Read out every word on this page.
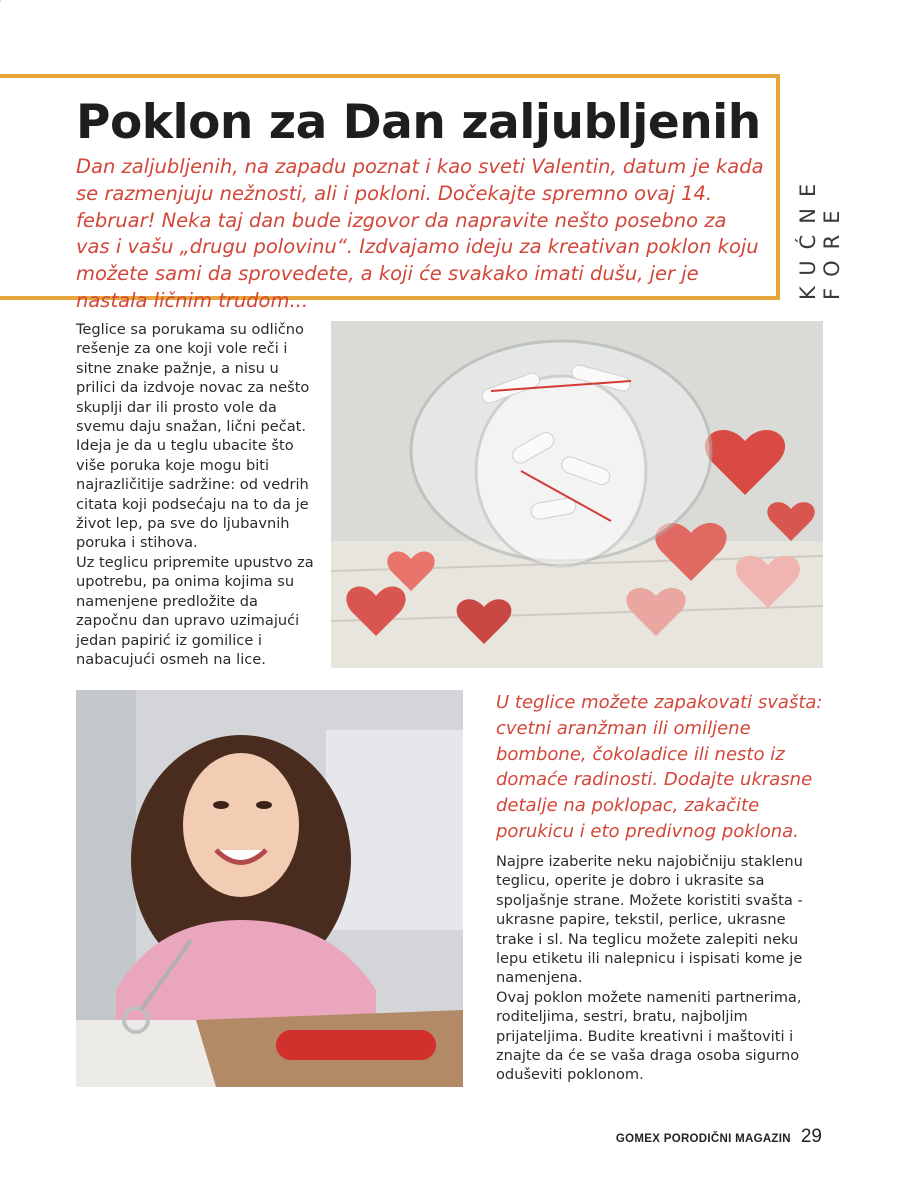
'
Poklon za Dan zaljubljenih

Dan zaljubljenih, na zapadu poznat i kao sveti Valentin, datum je kada se razmenjuju nežnosti, ali i pokloni. Dočekajte spremno ovaj 14. februar! Neka taj dan bude izgovor da napravite nešto posebno za vas i vašu „drugu polovinu“. Izdvajamo ideju za kreativan poklon koju možete sami da sprovedete, a koji će svakako imati dušu, jer je nastala ličnim trudom...

KUĆNE FORE

Teglice sa porukama su odlično rešenje za one koji vole reči i sitne znake pažnje, a nisu u prilici da izdvoje novac za nešto skuplji dar ili prosto vole da svemu daju snažan, lični pečat. Ideja je da u teglu ubacite što više poruka koje mogu biti najrazličitije sadržine: od vedrih citata koji podsećaju na to da je život lep, pa sve do ljubavnih poruka i stihova.
Uz teglicu pripremite upustvo za upotrebu, pa onima kojima su namenjene predložite da započnu dan upravo uzimajući jedan papirić iz gomilice i nabacujući osmeh na lice.

U teglice možete zapakovati svašta: cvetni aranžman ili omiljene bombone, čokoladice ili nesto iz domaće radinosti. Dodajte ukrasne detalje na poklopac, zakačite porukicu i eto predivnog poklona.

Najpre izaberite neku najobičniju staklenu teglicu, operite je dobro i ukrasite sa spoljašnje strane. Možete koristiti svašta - ukrasne papire, tekstil, perlice, ukrasne trake i sl. Na teglicu možete zalepiti neku lepu etiketu ili nalepnicu i ispisati kome je namenjena.
Ovaj poklon možete nameniti partnerima, roditeljima, sestri, bratu, najboljim prijateljima. Budite kreativni i maštoviti i znajte da će se vaša draga osoba sigurno oduševiti poklonom.

GOMEX PORODIČNI MAGAZIN 29
